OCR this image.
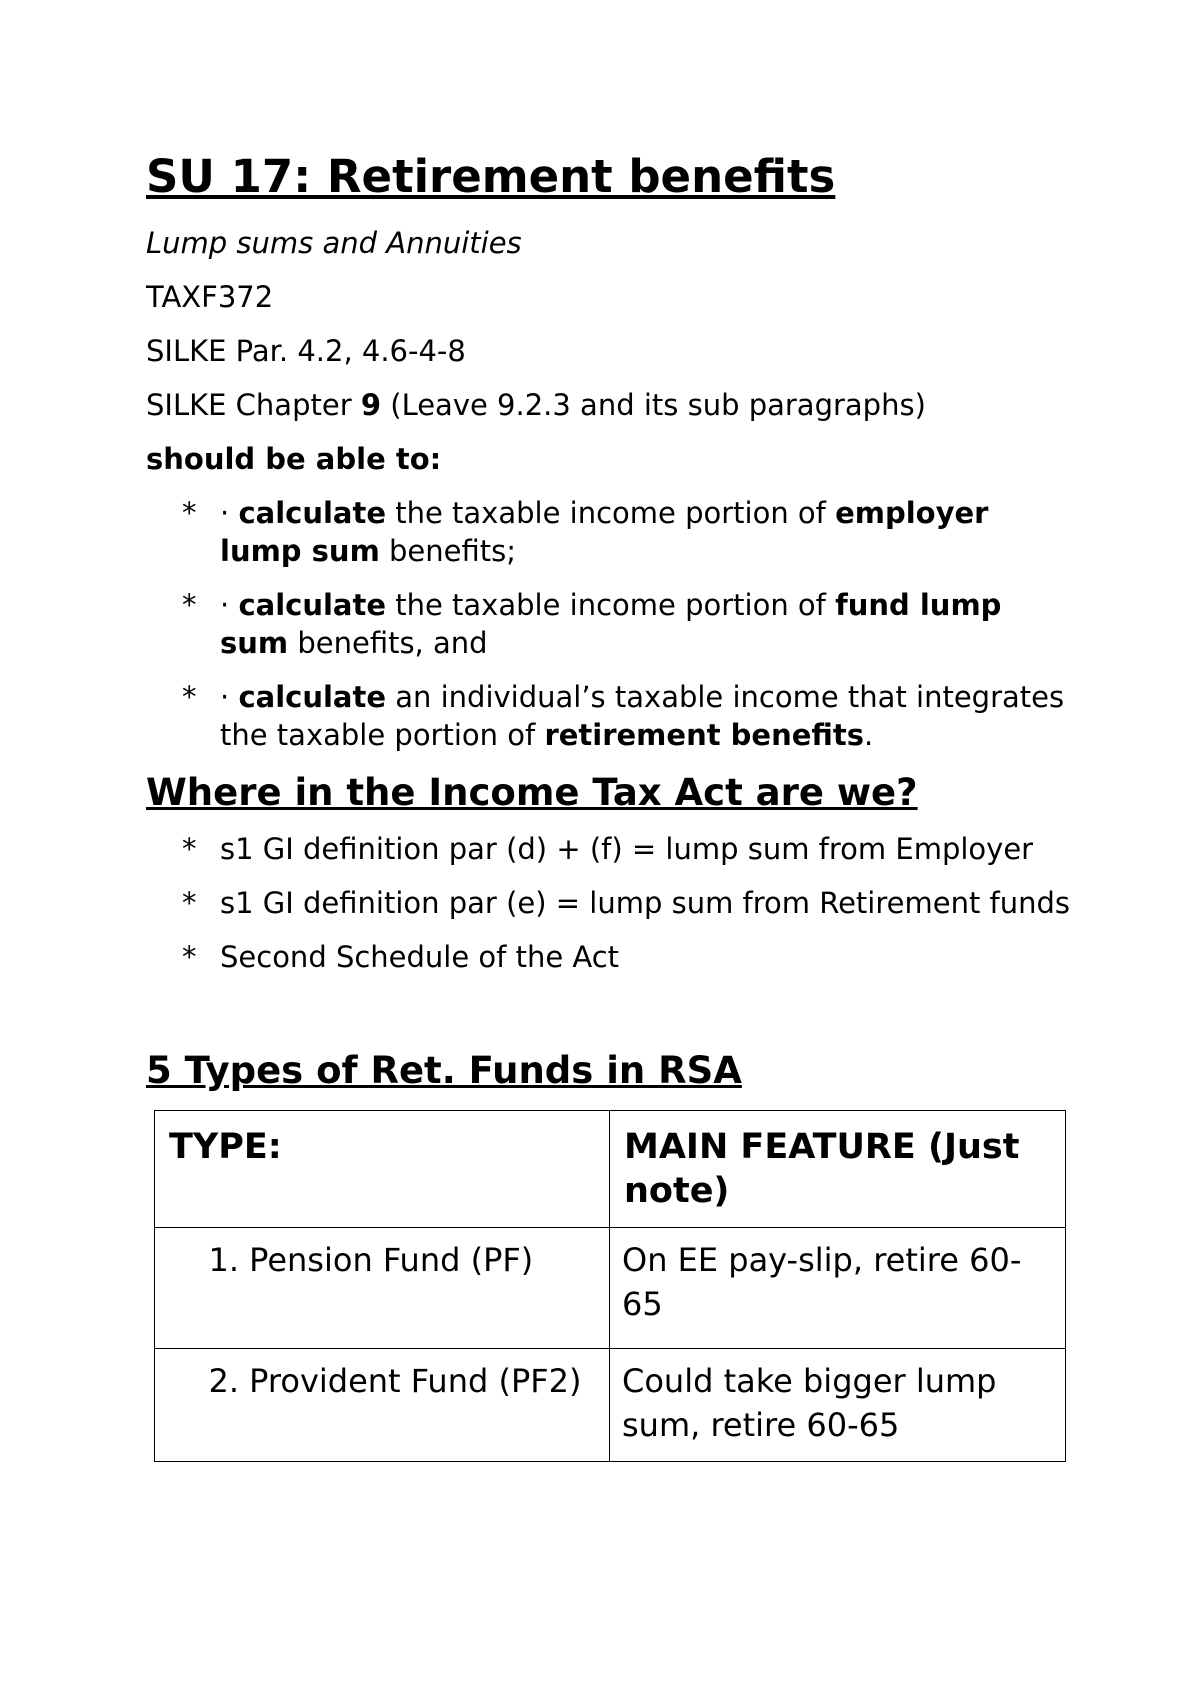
SU 17: Retirement benefits
Lump sums and Annuities
TAXF372
SILKE Par. 4.2, 4.6-4-8
SILKE Chapter 9 (Leave 9.2.3 and its sub paragraphs)
should be able to:
* · calculate the taxable income portion of employer lump sum benefits;
* · calculate the taxable income portion of fund lump sum benefits, and
* · calculate an individual’s taxable income that integrates the taxable portion of retirement benefits.
Where in the Income Tax Act are we?
* s1 GI definition par (d) + (f) = lump sum from Employer
* s1 GI definition par (e) = lump sum from Retirement funds
* Second Schedule of the Act
5 Types of Ret. Funds in RSA
TYPE:	MAIN FEATURE (Just note)
1. Pension Fund (PF)	On EE pay-slip, retire 60-65
2. Provident Fund (PF2)	Could take bigger lump sum, retire 60-65
